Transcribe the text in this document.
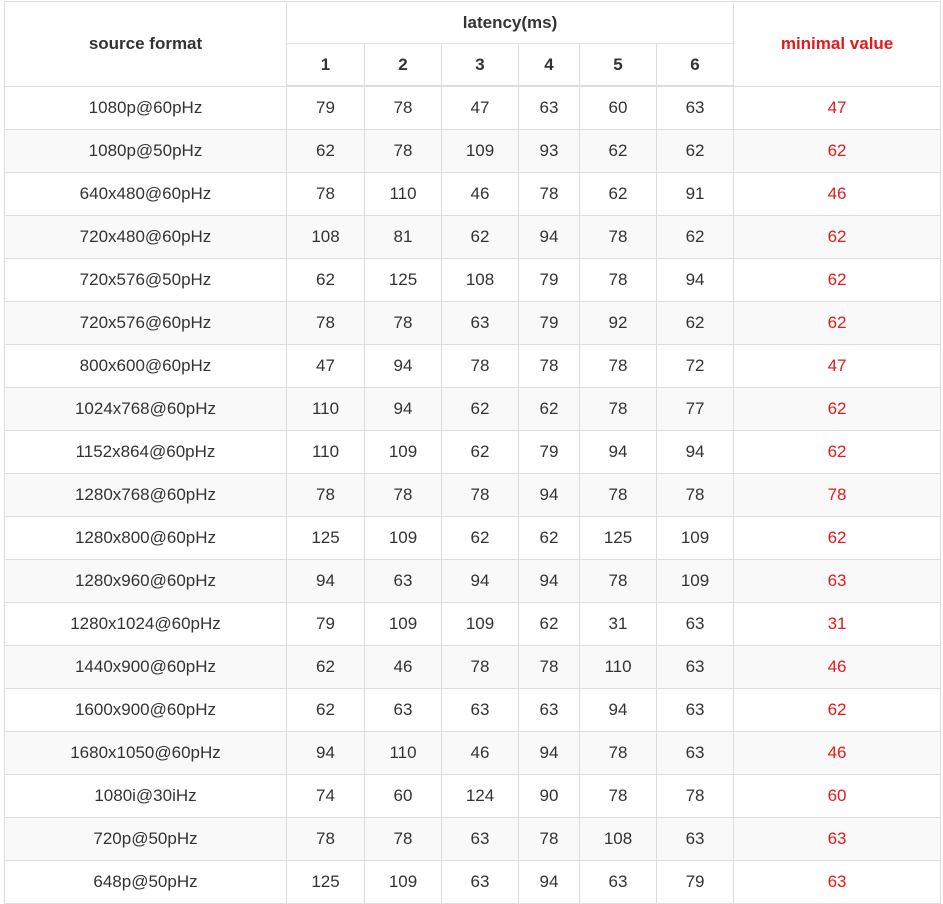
source format	latency(ms)						minimal value
	1	2	3	4	5	6	
1080p@60pHz	79	78	47	63	60	63	47
1080p@50pHz	62	78	109	93	62	62	62
640x480@60pHz	78	110	46	78	62	91	46
720x480@60pHz	108	81	62	94	78	62	62
720x576@50pHz	62	125	108	79	78	94	62
720x576@60pHz	78	78	63	79	92	62	62
800x600@60pHz	47	94	78	78	78	72	47
1024x768@60pHz	110	94	62	62	78	77	62
1152x864@60pHz	110	109	62	79	94	94	62
1280x768@60pHz	78	78	78	94	78	78	78
1280x800@60pHz	125	109	62	62	125	109	62
1280x960@60pHz	94	63	94	94	78	109	63
1280x1024@60pHz	79	109	109	62	31	63	31
1440x900@60pHz	62	46	78	78	110	63	46
1600x900@60pHz	62	63	63	63	94	63	62
1680x1050@60pHz	94	110	46	94	78	63	46
1080i@30iHz	74	60	124	90	78	78	60
720p@50pHz	78	78	63	78	108	63	63
648p@50pHz	125	109	63	94	63	79	63
